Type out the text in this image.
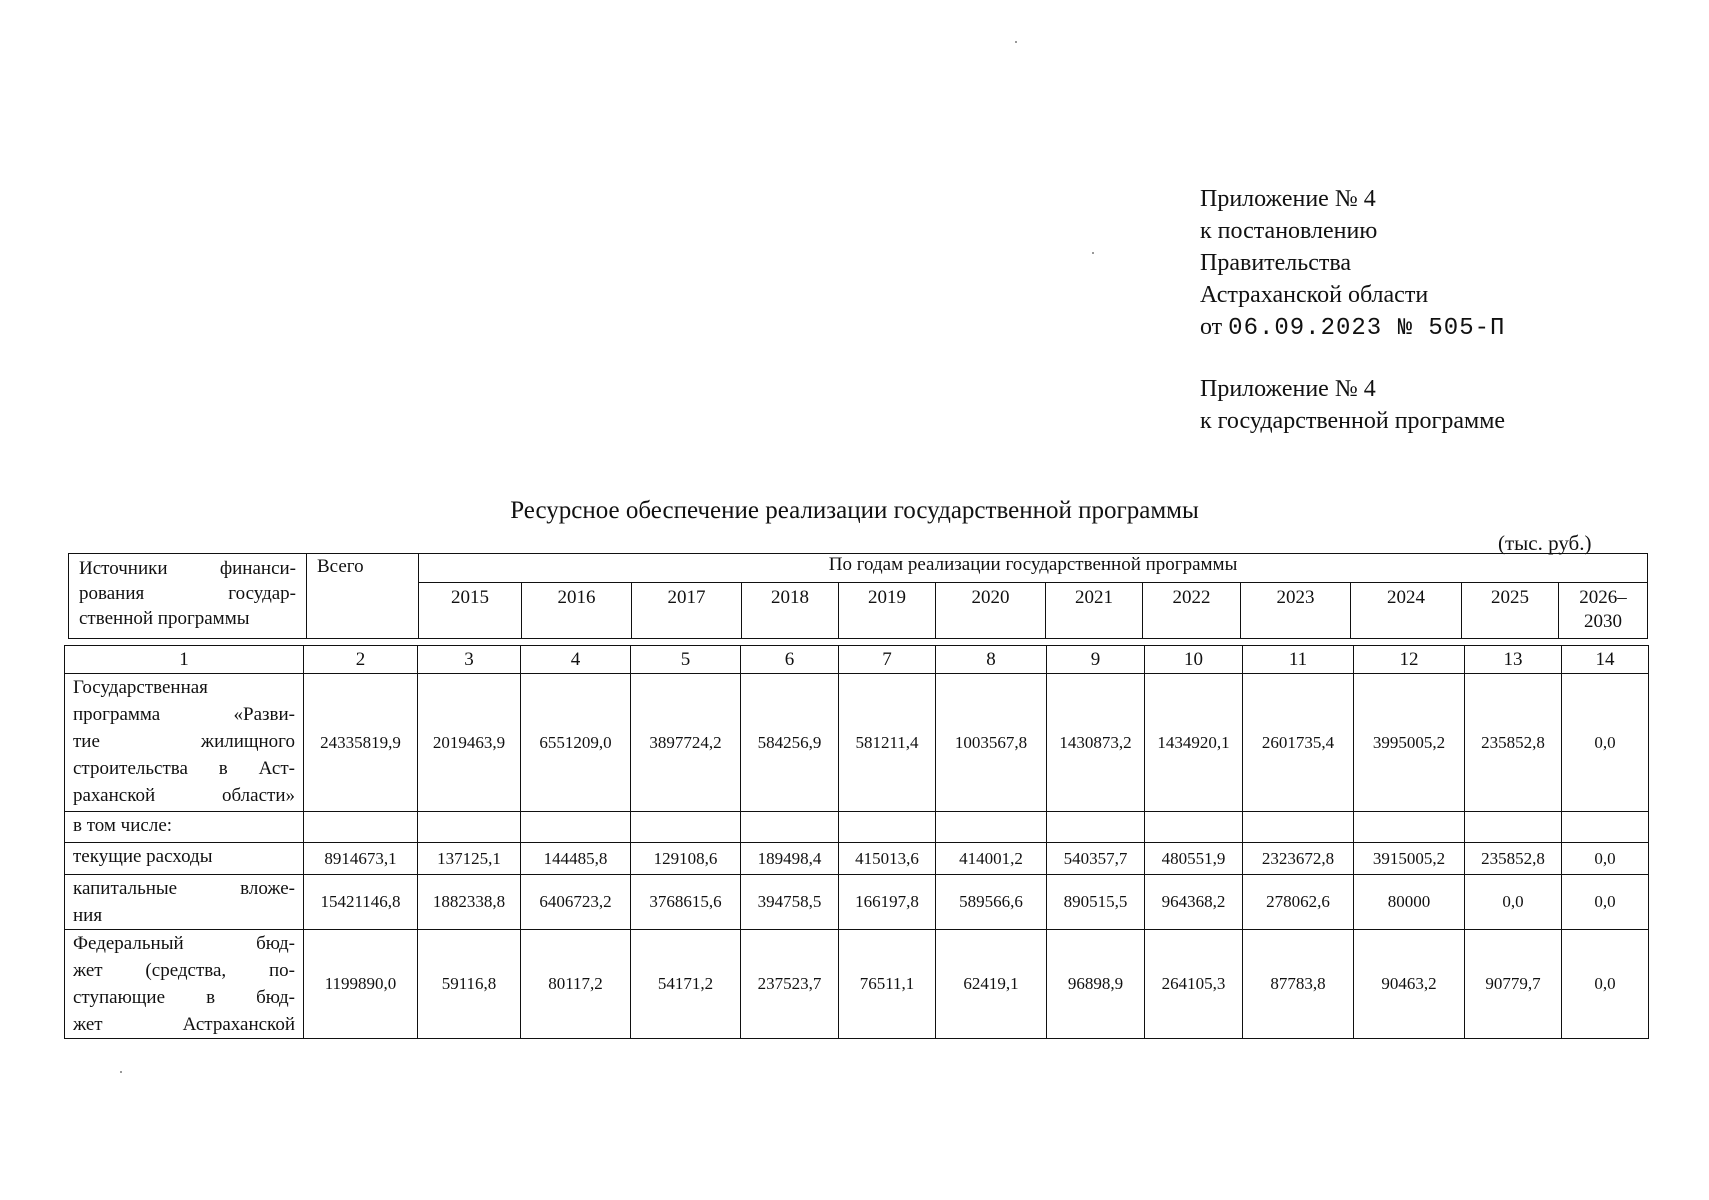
Приложение № 4
к постановлению
Правительства
Астраханской области
от 06.09.2023 № 505-П
Приложение № 4
к государственной программе
Ресурсное обеспечение реализации государственной программы
(тыс. руб.)
Источники финанси-
рования государ-
ственной программы	Всего	По годам реализации государственной программы											
		2015	2016	2017	2018	2019	2020	2021	2022	2023	2024	2025	2026–
2030
1	2	3	4	5	6	7	8	9	10	11	12	13	14

Государственная
программа «Разви-
тие жилищного
строительства в Аст-
раханской области»	24335819,9	2019463,9	6551209,0	3897724,2	584256,9	581211,4	1003567,8	1430873,2	1434920,1	2601735,4	3995005,2	235852,8	0,0

в том числе:													

текущие расходы	8914673,1	137125,1	144485,8	129108,6	189498,4	415013,6	414001,2	540357,7	480551,9	2323672,8	3915005,2	235852,8	0,0

капитальные вложе-
ния	15421146,8	1882338,8	6406723,2	3768615,6	394758,5	166197,8	589566,6	890515,5	964368,2	278062,6	80000	0,0	0,0

Федеральный бюд-
жет (средства, по-
ступающие в бюд-
жет Астраханской	1199890,0	59116,8	80117,2	54171,2	237523,7	76511,1	62419,1	96898,9	264105,3	87783,8	90463,2	90779,7	0,0
